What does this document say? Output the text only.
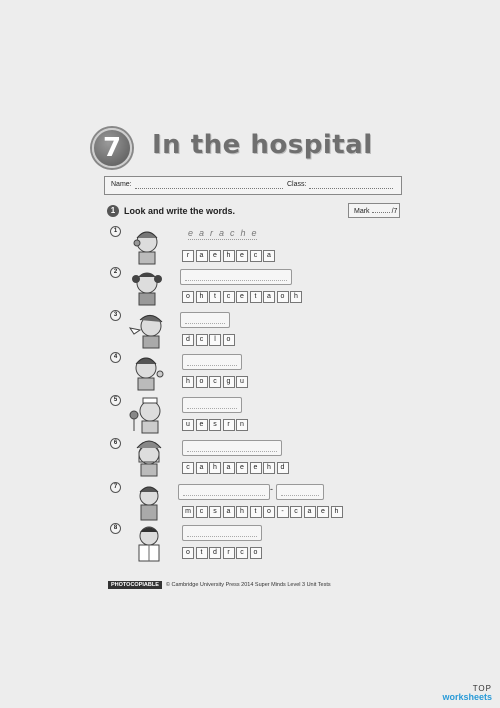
7	In the hospital
Name:	Class:
1 Look and write the words.	Mark	/7
1	earache
r	a	e	h	e	c	a
2
o	h	t	c	e	t	a	o	h
3
d	c	l	o
4
h	o	c	g	u
5
u	e	s	r	n
6
c	a	h	a	e	e	h	d
7	-
m	c	s	a	h	t	o	-	c	a	e	h
8
o	t	d	r	c	o
PHOTOCOPIABLE © Cambridge University Press 2014 Super Minds Level 3 Unit Tests
TOP
worksheets
